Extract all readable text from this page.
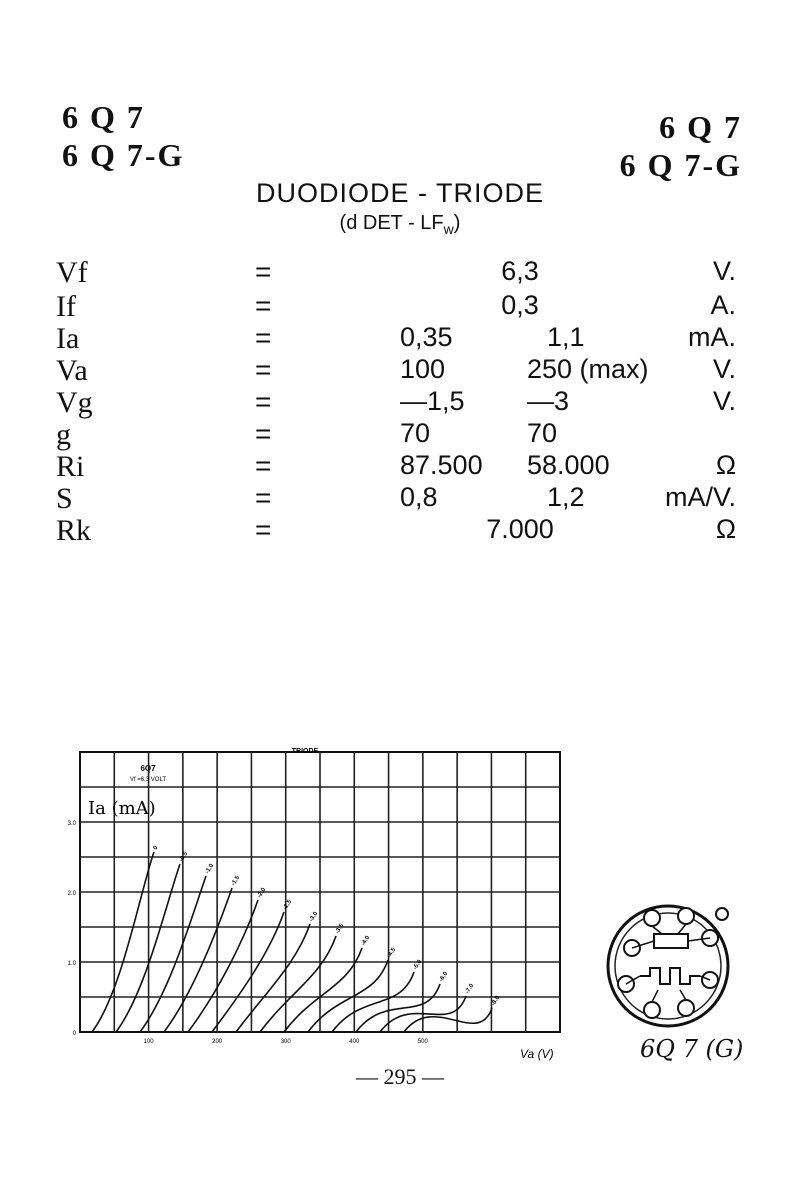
6 Q 7
6 Q 7-G
6 Q 7
6 Q 7-G
DUODIODE - TRIODE
(d DET - $LF_w$)
Vf	=	6,3	V.
If	=	0,3	A.
Ia	=	0,35	1,1	mA.
Va	=	100	250 (max) V.
Vg	=	—1,5 —3	V.
g	=	70	70
Ri	=	87.500 58.000	Ω
S	=	0,8	1,2	mA/V.
Rk	=	7.000	Ω
0
-0.5
-1.0
-1.5
-2.0
-2.5
-3.0
-3.5
-4.0
-4.5
-5.0
-6.0
-7.0
-8.0
TRIODE
6Q7
Vf =6,3 VOLT
Ia (mA)
0
1.0
2.0
3.0
100	200	300	400	500
Va (V)	6Q 7 (G)
— 295 —
